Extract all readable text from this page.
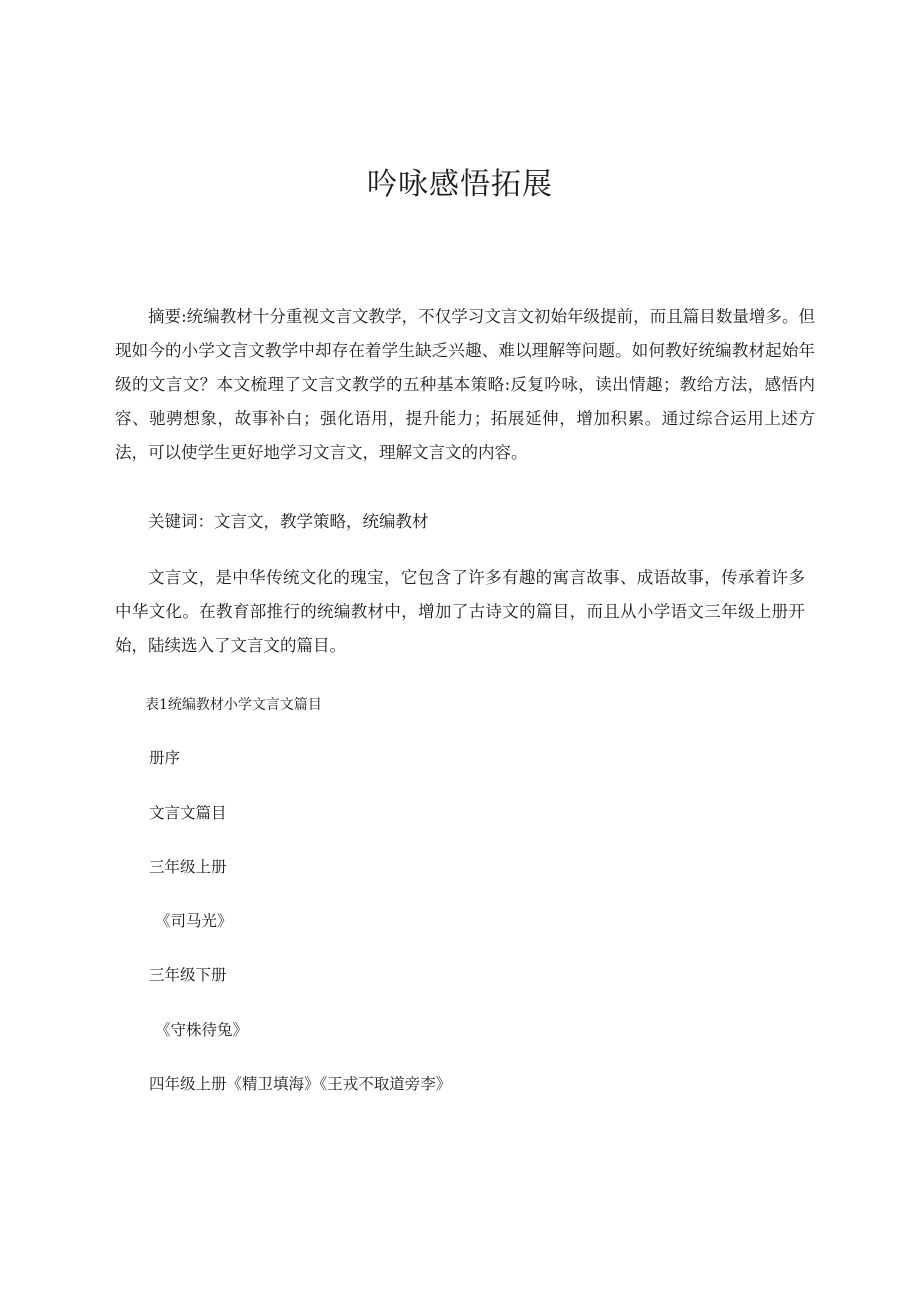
吟咏感悟拓展

摘要:统编教材十分重视文言文教学，不仅学习文言文初始年级提前，而且篇目数量增多。但现如今的小学文言文教学中却存在着学生缺乏兴趣、难以理解等问题。如何教好统编教材起始年级的文言文？本文梳理了文言文教学的五种基本策略:反复吟咏，读出情趣；教给方法，感悟内容、驰骋想象，故事补白；强化语用，提升能力；拓展延伸，增加积累。通过综合运用上述方法，可以使学生更好地学习文言文，理解文言文的内容。

关键词：文言文，教学策略，统编教材

文言文，是中华传统文化的瑰宝，它包含了许多有趣的寓言故事、成语故事，传承着许多中华文化。在教育部推行的统编教材中，增加了古诗文的篇目，而且从小学语文三年级上册开始，陆续选入了文言文的篇目。

表1统编教材小学文言文篇目

册序

文言文篇目

三年级上册

《司马光》

三年级下册

《守株待兔》

四年级上册《精卫填海》《王戎不取道旁李》
